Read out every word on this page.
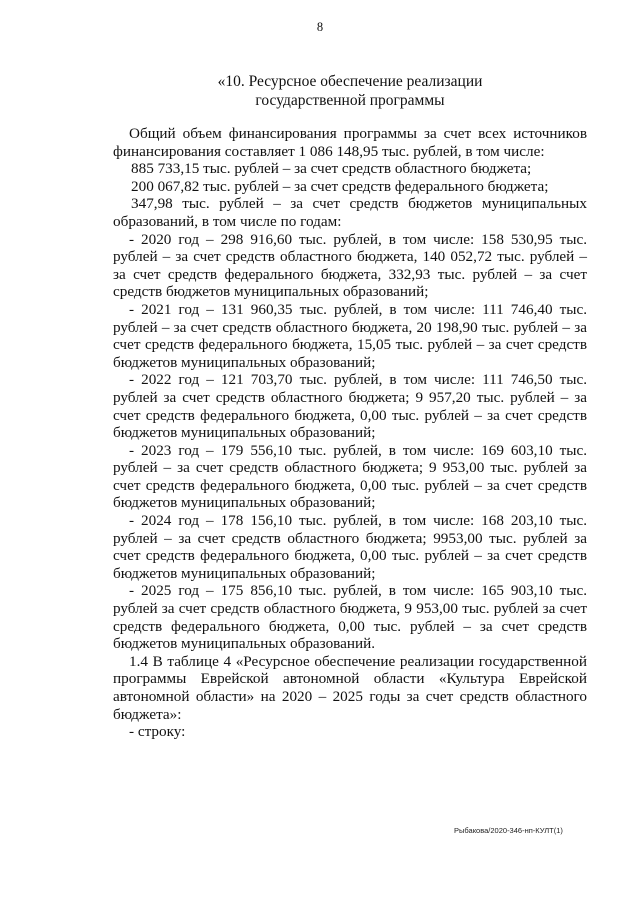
8
«10. Ресурсное обеспечение реализации
государственной программы

Общий объем финансирования программы за счет всех источников финансирования составляет 1 086 148,95 тыс. рублей, в том числе:

885 733,15 тыс. рублей – за счет средств областного бюджета;

200 067,82 тыс. рублей – за счет средств федерального бюджета;

347,98 тыс. рублей – за счет средств бюджетов муниципальных образований, в том числе по годам:

- 2020 год – 298 916,60 тыс. рублей, в том числе: 158 530,95 тыс. рублей – за счет средств областного бюджета, 140 052,72 тыс. рублей – за счет средств федерального бюджета, 332,93 тыс. рублей – за счет средств бюджетов муниципальных образований;

- 2021 год – 131 960,35 тыс. рублей, в том числе: 111 746,40 тыс. рублей – за счет средств областного бюджета, 20 198,90 тыс. рублей – за счет средств федерального бюджета, 15,05 тыс. рублей – за счет средств бюджетов муниципальных образований;

- 2022 год – 121 703,70 тыс. рублей, в том числе: 111 746,50 тыс. рублей за счет средств областного бюджета; 9 957,20 тыс. рублей – за счет средств федерального бюджета, 0,00 тыс. рублей – за счет средств бюджетов муниципальных образований;

- 2023 год – 179 556,10 тыс. рублей, в том числе: 169 603,10 тыс. рублей – за счет средств областного бюджета; 9 953,00 тыс. рублей за счет средств федерального бюджета, 0,00 тыс. рублей – за счет средств бюджетов муниципальных образований;

- 2024 год – 178 156,10 тыс. рублей, в том числе: 168 203,10 тыс. рублей – за счет средств областного бюджета; 9953,00 тыс. рублей за счет средств федерального бюджета, 0,00 тыс. рублей – за счет средств бюджетов муниципальных образований;

- 2025 год – 175 856,10 тыс. рублей, в том числе: 165 903,10 тыс. рублей за счет средств областного бюджета, 9 953,00 тыс. рублей за счет средств федерального бюджета, 0,00 тыс. рублей – за счет средств бюджетов муниципальных образований.

1.4 В таблице 4 «Ресурсное обеспечение реализации государственной программы Еврейской автономной области «Культура Еврейской автономной области» на 2020 – 2025 годы за счет средств областного бюджета»:

- строку:

Рыбакова/2020-346-нп-КУЛТ(1)
